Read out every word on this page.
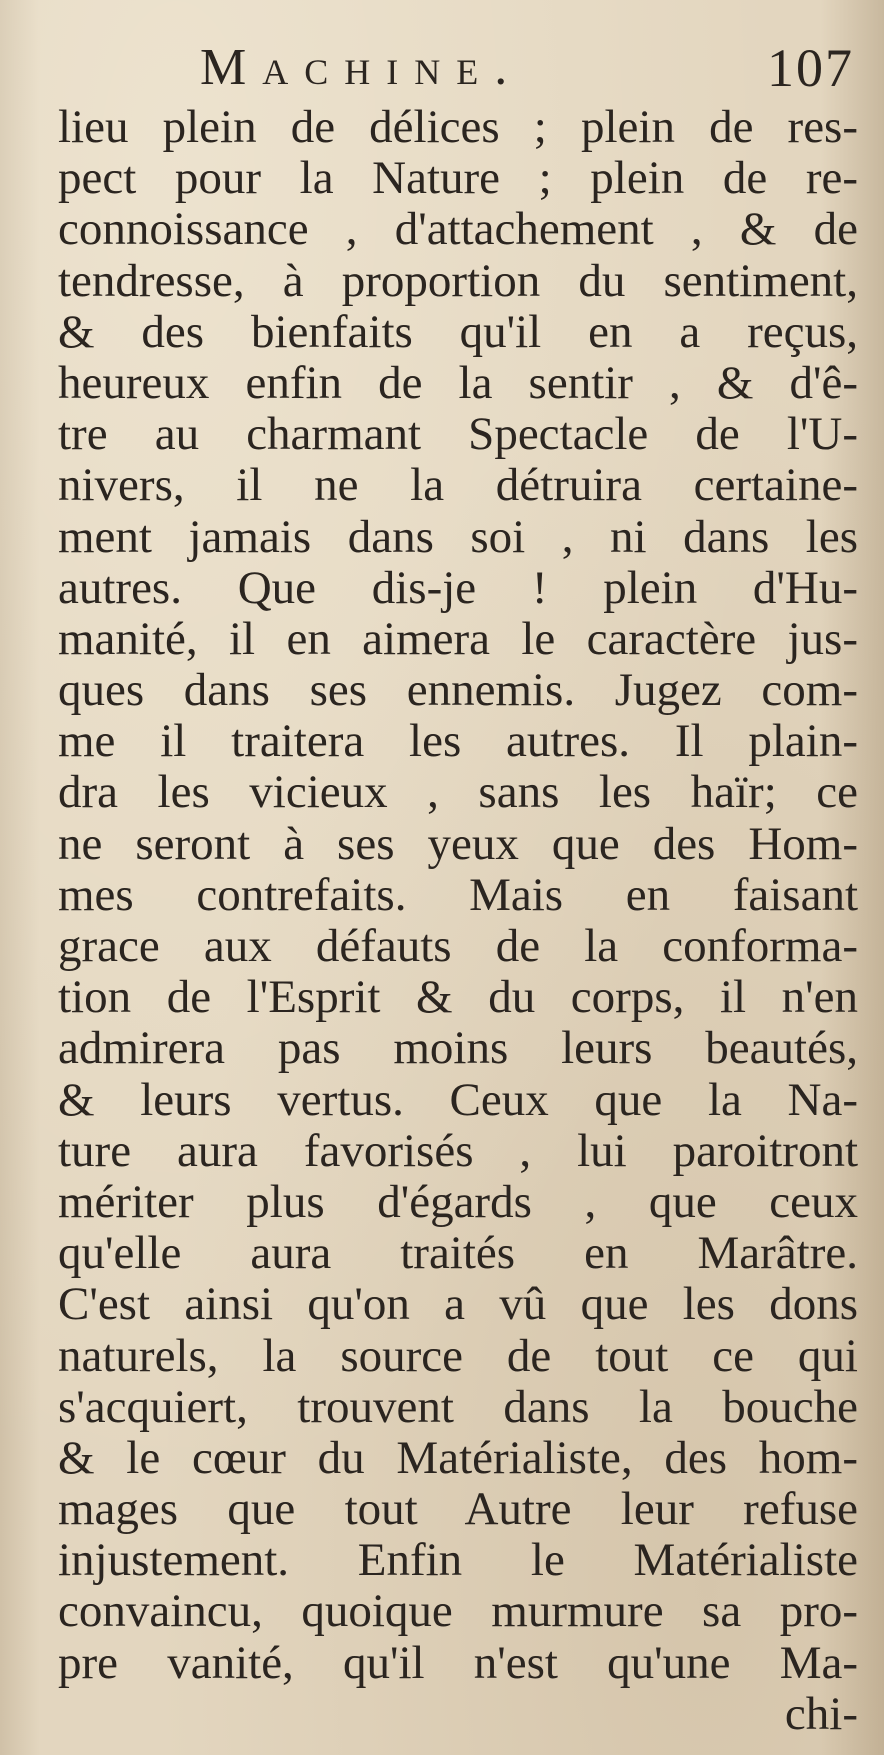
Machine.	107
lieu plein de délices ; plein de res-
pect pour la Nature ; plein de re-
connoissance , d'attachement , & de
tendresse, à proportion du sentiment,
& des bienfaits qu'il en a reçus,
heureux enfin de la sentir , & d'ê-
tre au charmant Spectacle de l'U-
nivers, il ne la détruira certaine-
ment jamais dans soi , ni dans les
autres. Que dis-je ! plein d'Hu-
manité, il en aimera le caractère jus-
ques dans ses ennemis. Jugez com-
me il traitera les autres. Il plain-
dra les vicieux , sans les haïr; ce
ne seront à ses yeux que des Hom-
mes contrefaits. Mais en faisant
grace aux défauts de la conforma-
tion de l'Esprit & du corps, il n'en
admirera pas moins leurs beautés,
& leurs vertus. Ceux que la Na-
ture aura favorisés , lui paroitront
mériter plus d'égards , que ceux
qu'elle aura traités en Marâtre.
C'est ainsi qu'on a vû que les dons
naturels, la source de tout ce qui
s'acquiert, trouvent dans la bouche
& le cœur du Matérialiste, des hom-
mages que tout Autre leur refuse
injustement. Enfin le Matérialiste
convaincu, quoique murmure sa pro-
pre vanité, qu'il n'est qu'une Ma-
chi-
